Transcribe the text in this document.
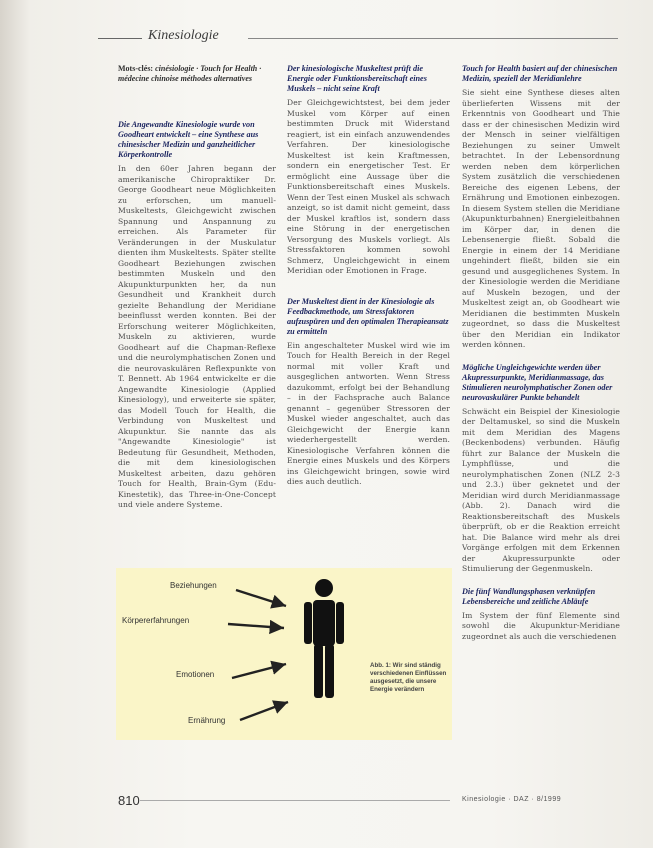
Kinesiologie
Mots-clés: cinésiologie · Touch for Health · médecine chinoise méthodes alternatives
Die Angewandte Kinesiologie wurde von Goodheart entwickelt – eine Synthese aus chinesischer Medizin und ganzheitlicher Körperkontrolle
In den 60er Jahren begann der amerikanische Chiropraktiker Dr. George Goodheart neue Möglichkeiten zu erforschen, um manuell-Muskeltests, Gleichgewicht zwischen Spannung und Anspannung zu erreichen. Als Parameter für Veränderungen in der Muskulatur dienten ihm Muskeltests. Später stellte Goodheart Beziehungen zwischen bestimmten Muskeln und den Akupunkturpunkten her, da nun Gesundheit und Krankheit durch gezielte Behandlung der Meridiane beeinflusst werden konnten. Bei der Erforschung weiterer Möglichkeiten, Muskeln zu aktivieren, wurde Goodheart auf die Chapman-Reflexe und die neurolymphatischen Zonen und die neurovaskulären Reflexpunkte von T. Bennett. Ab 1964 entwickelte er die Angewandte Kinesiologie (Applied Kinesiology), und erweiterte sie später, das Modell Touch for Health, die Verbindung von Muskeltest und Akupunktur. Sie nannte das als "Angewandte Kinesiologie" ist Bedeutung für Gesundheit, Methoden, die mit dem kinesiologischen Muskeltest arbeiten, dazu gehören Touch for Health, Brain-Gym (Edu-Kinestetik), das Three-in-One-Concept und viele andere Systeme.
Der kinesiologische Muskeltest prüft die Energie oder Funktionsbereitschaft eines Muskels – nicht seine Kraft
Der Gleichgewichtstest, bei dem jeder Muskel vom Körper auf einen bestimmten Druck mit Widerstand reagiert, ist ein einfach anzuwendendes Verfahren. Der kinesiologische Muskeltest ist kein Kraftmessen, sondern ein energetischer Test. Er ermöglicht eine Aussage über die Funktionsbereitschaft eines Muskels. Wenn der Test einen Muskel als schwach anzeigt, so ist damit nicht gemeint, dass der Muskel kraftlos ist, sondern dass eine Störung in der energetischen Versorgung des Muskels vorliegt. Als Stressfaktoren kommen sowohl Schmerz, Ungleichgewicht in einem Meridian oder Emotionen in Frage.
Der Muskeltest dient in der Kinesiologie als Feedbackmethode, um Stressfaktoren aufzuspüren und den optimalen Therapieansatz zu ermitteln
Ein angeschalteter Muskel wird wie im Touch for Health Bereich in der Regel normal mit voller Kraft und ausgeglichen antworten. Wenn Stress dazukommt, erfolgt bei der Behandlung – in der Fachsprache auch Balance genannt – gegenüber Stressoren der Muskel wieder angeschaltet, auch das Gleichgewicht der Energie kann wiederhergestellt werden. Kinesiologische Verfahren können die Energie eines Muskels und des Körpers ins Gleichgewicht bringen, sowie wird dies auch deutlich.
Touch for Health basiert auf der chinesischen Medizin, speziell der Meridianlehre
Sie sieht eine Synthese dieses alten überlieferten Wissens mit der Erkenntnis von Goodheart und Thie dass er der chinesischen Medizin wird der Mensch in seiner vielfältigen Beziehungen zu seiner Umwelt betrachtet. In der Lebensordnung werden neben dem körperlichen System zusätzlich die verschiedenen Bereiche des eigenen Lebens, der Ernährung und Emotionen einbezogen. In diesem System stellen die Meridiane (Akupunkturbahnen) Energieleitbahnen im Körper dar, in denen die Lebensenergie fließt. Sobald die Energie in einem der 14 Meridiane ungehindert fließt, bilden sie ein gesund und ausgeglichenes System. In der Kinesiologie werden die Meridiane auf Muskeln bezogen, und der Muskeltest zeigt an, ob Goodheart wie Meridianen die bestimmten Muskeln zugeordnet, so dass die Muskeltest über den Meridian ein Indikator werden können.
Mögliche Ungleichgewichte werden über Akupressurpunkte, Meridianmassage, das Stimulieren neurolymphatischer Zonen oder neurovaskulärer Punkte behandelt
Schwächt ein Beispiel der Kinesiologie der Deltamuskel, so sind die Muskeln mit dem Meridian des Magens (Beckenbodens) verbunden. Häufig führt zur Balance der Muskeln die Lymphflüsse, und die neurolymphatischen Zonen (NLZ 2-3 und 2.3.) über geknetet und der Meridian wird durch Meridianmassage (Abb. 2). Danach wird die Reaktionsbereitschaft des Muskels überprüft, ob er die Reaktion erreicht hat. Die Balance wird mehr als drei Vorgänge erfolgen mit dem Erkennen der Akupressurpunkte oder Stimulierung der Gegenmuskeln.
Die fünf Wandlungsphasen verknüpfen Lebensbereiche und zeitliche Abläufe
Im System der fünf Elemente sind sowohl die Akupunktur-Meridiane zugeordnet als auch die verschiedenen
Beziehungen
Körpererfahrungen
Emotionen
Ernährung
Abb. 1: Wir sind ständig verschiedenen Einflüssen ausgesetzt, die unsere Energie verändern
810	Kinesiologie · DAZ · 8/1999
